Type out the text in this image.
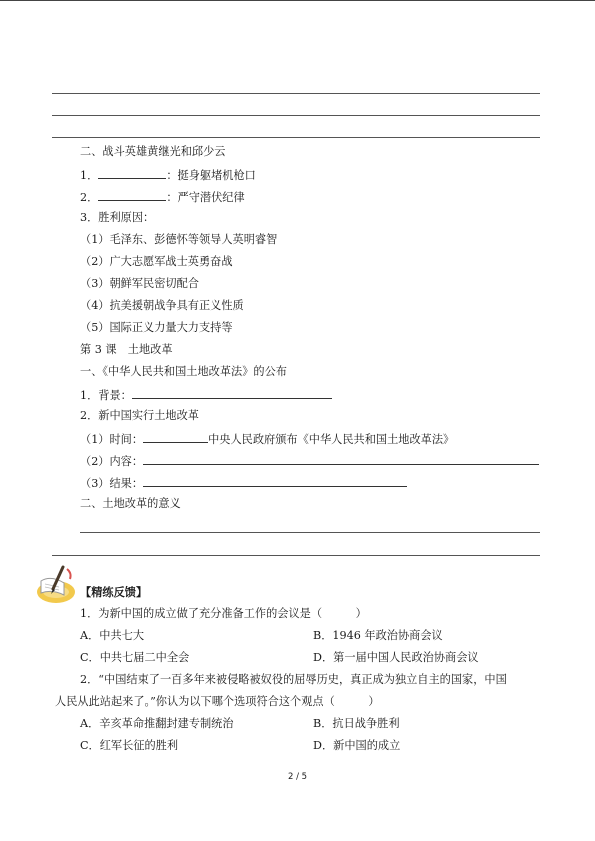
二、战斗英雄黄继光和邱少云
1．	：挺身躯堵机枪口
2．	：严守潜伏纪律
3．胜利原因：
（1）毛泽东、彭德怀等领导人英明睿智
（2）广大志愿军战士英勇奋战
（3）朝鲜军民密切配合
（4）抗美援朝战争具有正义性质
（5）国际正义力量大力支持等
第 3 课　土地改革
一、《中华人民共和国土地改革法》的公布
1．背景：
2．新中国实行土地改革
（1）时间：	中央人民政府颁布《中华人民共和国土地改革法》
（2）内容：
（3）结果：
二、土地改革的意义
【精练反馈】
1．为新中国的成立做了充分准备工作的会议是（　　　）
A．中共七大	B．1946 年政治协商会议
C．中共七届二中全会	D．第一届中国人民政治协商会议
2．“中国结束了一百多年来被侵略被奴役的屈辱历史，真正成为独立自主的国家，中国
人民从此站起来了。”你认为以下哪个选项符合这个观点（　　　）
A．辛亥革命推翻封建专制统治	B．抗日战争胜利
C．红军长征的胜利	D．新中国的成立
2 / 5
